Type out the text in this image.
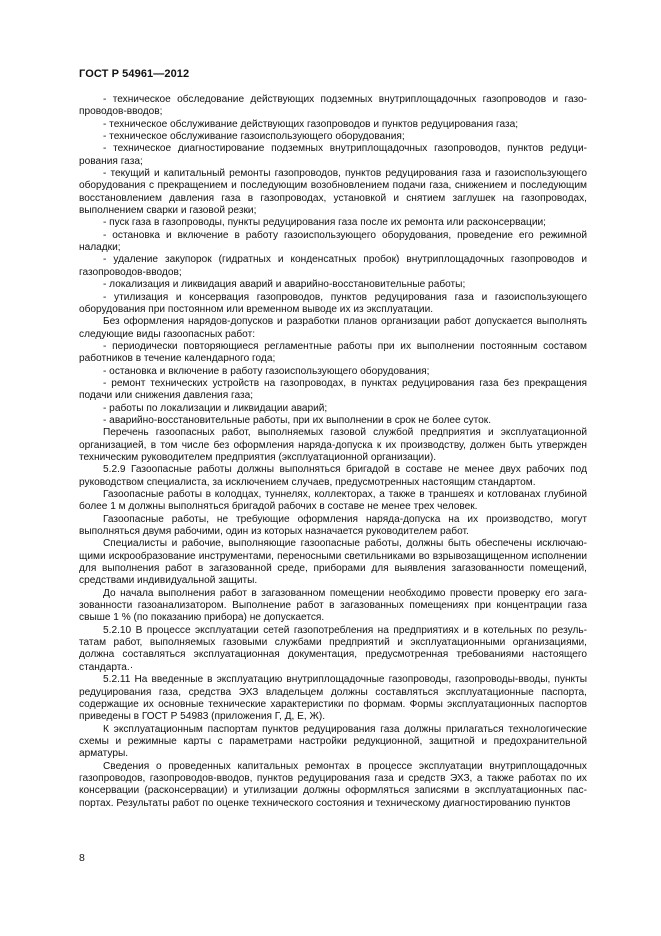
ГОСТ Р 54961—2012

- техническое обследование действующих подземных внутриплощадочных газопроводов и газопроводов-вводов;

- техническое обслуживание действующих газопроводов и пунктов редуцирования газа;

- техническое обслуживание газоиспользующего оборудования;

- техническое диагностирование подземных внутриплощадочных газопроводов, пунктов редуцирования газа;

- текущий и капитальный ремонты газопроводов, пунктов редуцирования газа и газоиспользующего оборудования с прекращением и последующим возобновлением подачи газа, снижением и последующим восстановлением давления газа в газопроводах, установкой и снятием заглушек на газопроводах, выполнением сварки и газовой резки;

- пуск газа в газопроводы, пункты редуцирования газа после их ремонта или расконсервации;

- остановка и включение в работу газоиспользующего оборудования, проведение его режимной наладки;

- удаление закупорок (гидратных и конденсатных пробок) внутриплощадочных газопроводов и газопроводов-вводов;

- локализация и ликвидация аварий и аварийно-восстановительные работы;

- утилизация и консервация газопроводов, пунктов редуцирования газа и газоиспользующего оборудования при постоянном или временном выводе их из эксплуатации.

Без оформления нарядов-допусков и разработки планов организации работ допускается выполнять следующие виды газоопасных работ:

- периодически повторяющиеся регламентные работы при их выполнении постоянным составом работников в течение календарного года;

- остановка и включение в работу газоиспользующего оборудования;

- ремонт технических устройств на газопроводах, в пунктах редуцирования газа без прекращения подачи или снижения давления газа;

- работы по локализации и ликвидации аварий;

- аварийно-восстановительные работы, при их выполнении в срок не более суток.

Перечень газоопасных работ, выполняемых газовой службой предприятия и эксплуатационной организацией, в том числе без оформления наряда-допуска к их производству, должен быть утвержден техническим руководителем предприятия (эксплуатационной организации).

5.2.9 Газоопасные работы должны выполняться бригадой в составе не менее двух рабочих под руководством специалиста, за исключением случаев, предусмотренных настоящим стандартом.

Газоопасные работы в колодцах, туннелях, коллекторах, а также в траншеях и котлованах глубиной более 1 м должны выполняться бригадой рабочих в составе не менее трех человек.

Газоопасные работы, не требующие оформления наряда-допуска на их производство, могут выполняться двумя рабочими, один из которых назначается руководителем работ.

Специалисты и рабочие, выполняющие газоопасные работы, должны быть обеспечены исключающими искрообразование инструментами, переносными светильниками во взрывозащищенном исполнении для выполнения работ в загазованной среде, приборами для выявления загазованности помещений, средствами индивидуальной защиты.

До начала выполнения работ в загазованном помещении необходимо провести проверку его загaзованности газоанализатором. Выполнение работ в загазованных помещениях при концентрации газа свыше 1 % (по показанию прибора) не допускается.

5.2.10 В процессе эксплуатации сетей газопотребления на предприятиях и в котельных по результатам работ, выполняемых газовыми службами предприятий и эксплуатационными организациями, должна составляться эксплуатационная документация, предусмотренная требованиями настоящего стандарта.·

5.2.11 На введенные в эксплуатацию внутриплощадочные газопроводы, газопроводы-вводы, пункты редуцирования газа, средства ЭХЗ владельцем должны составляться эксплуатационные паспорта, содержащие их основные технические характеристики по формам. Формы эксплуатационных паспортов приведены в ГОСТ Р 54983 (приложения Г, Д, Е, Ж).

К эксплуатационным паспортам пунктов редуцирования газа должны прилагаться технологические схемы и режимные карты с параметрами настройки редукционной, защитной и предохранительной арматуры.

Сведения о проведенных капитальных ремонтах в процессе эксплуатации внутриплощадочных газопроводов, газопроводов-вводов, пунктов редуцирования газа и средств ЭХЗ, а также работах по их консервации (расконсервации) и утилизации должны оформляться записями в эксплуатационных паспортах. Результаты работ по оценке технического состояния и техническому диагностированию пунктов

8
